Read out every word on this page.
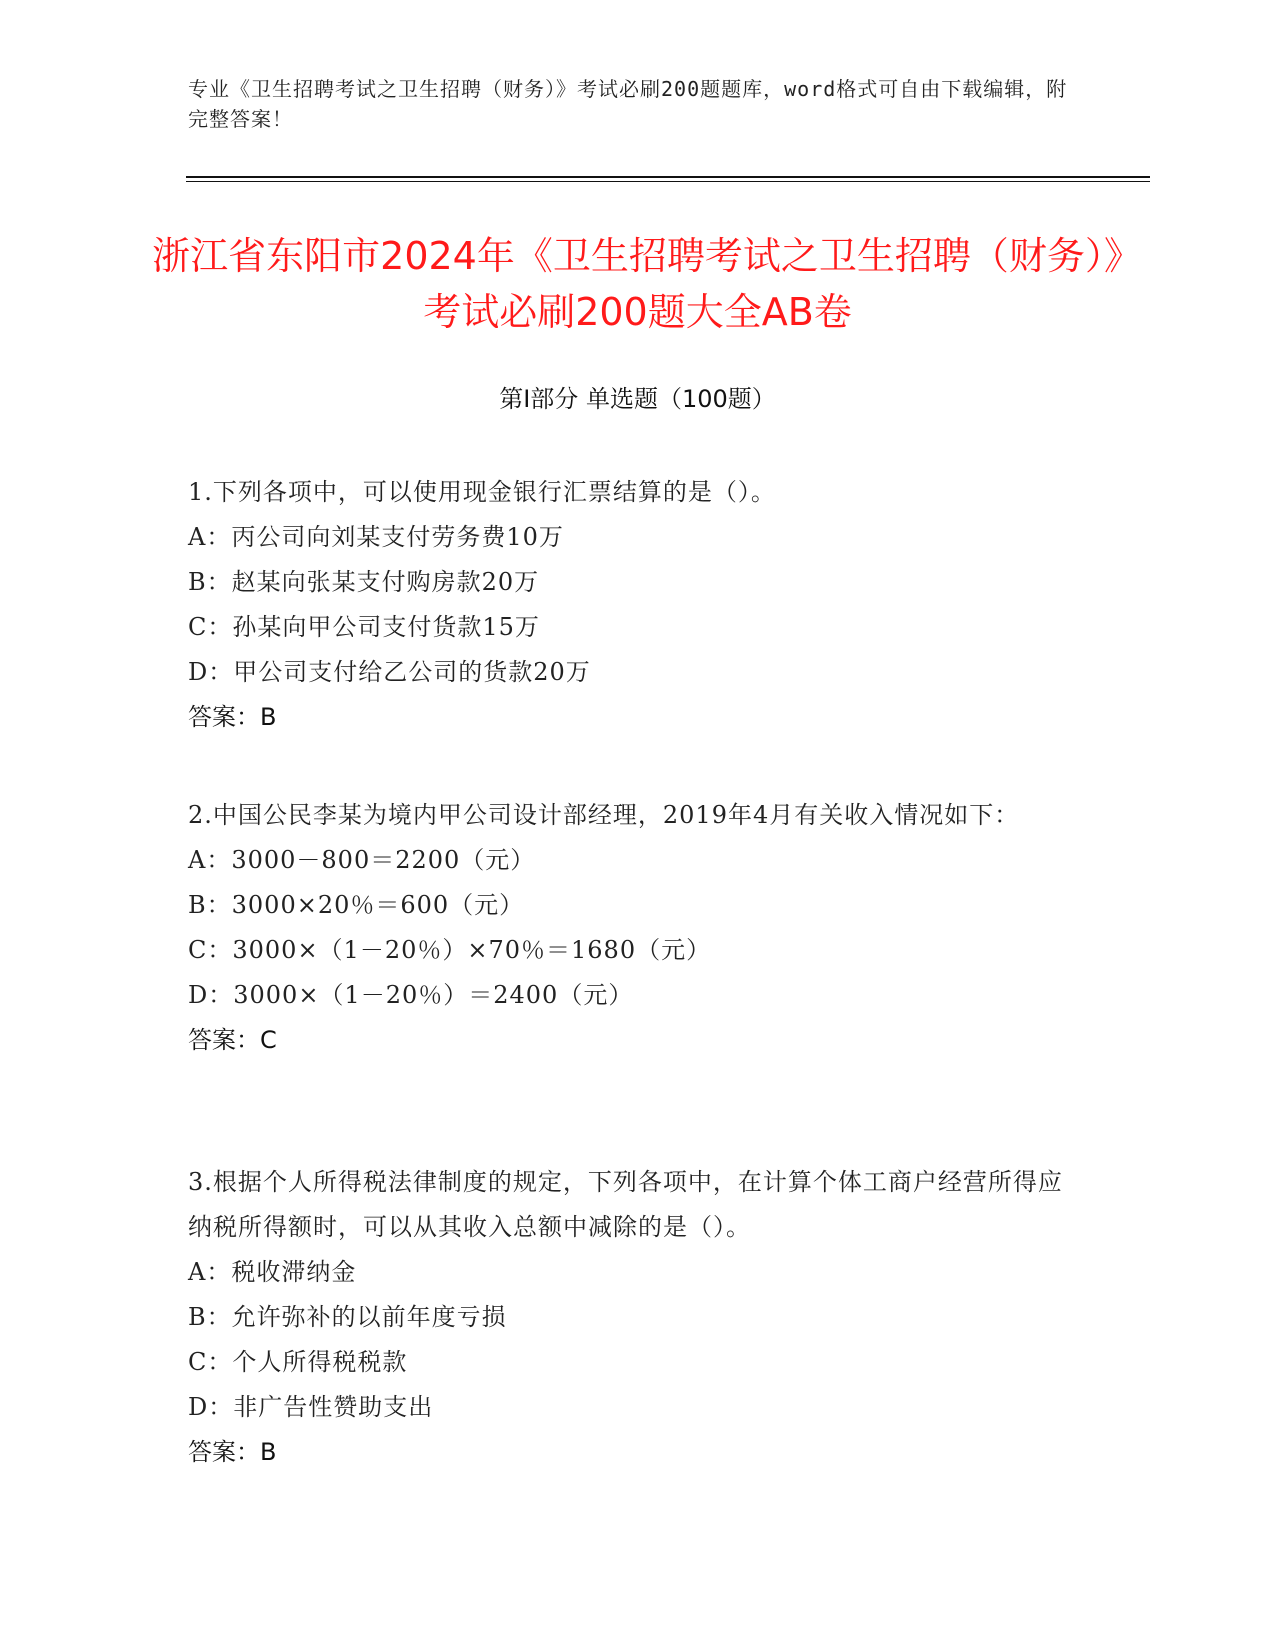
专业《卫生招聘考试之卫生招聘（财务）》考试必刷200题题库，word格式可自由下载编辑，附完整答案！
浙江省东阳市2024年《卫生招聘考试之卫生招聘（财务）》考试必刷200题大全AB卷
第I部分 单选题（100题）
1.下列各项中，可以使用现金银行汇票结算的是（）。
A：丙公司向刘某支付劳务费10万
B：赵某向张某支付购房款20万
C：孙某向甲公司支付货款15万
D：甲公司支付给乙公司的货款20万
答案：B
2.中国公民李某为境内甲公司设计部经理，2019年4月有关收入情况如下：
A：3000－800＝2200（元）
B：3000×20％＝600（元）
C：3000×（1－20％）×70％＝1680（元）
D：3000×（1－20％）＝2400（元）
答案：C
3.根据个人所得税法律制度的规定，下列各项中，在计算个体工商户经营所得应纳税所得额时，可以从其收入总额中减除的是（）。
A：税收滞纳金
B：允许弥补的以前年度亏损
C：个人所得税税款
D：非广告性赞助支出
答案：B
